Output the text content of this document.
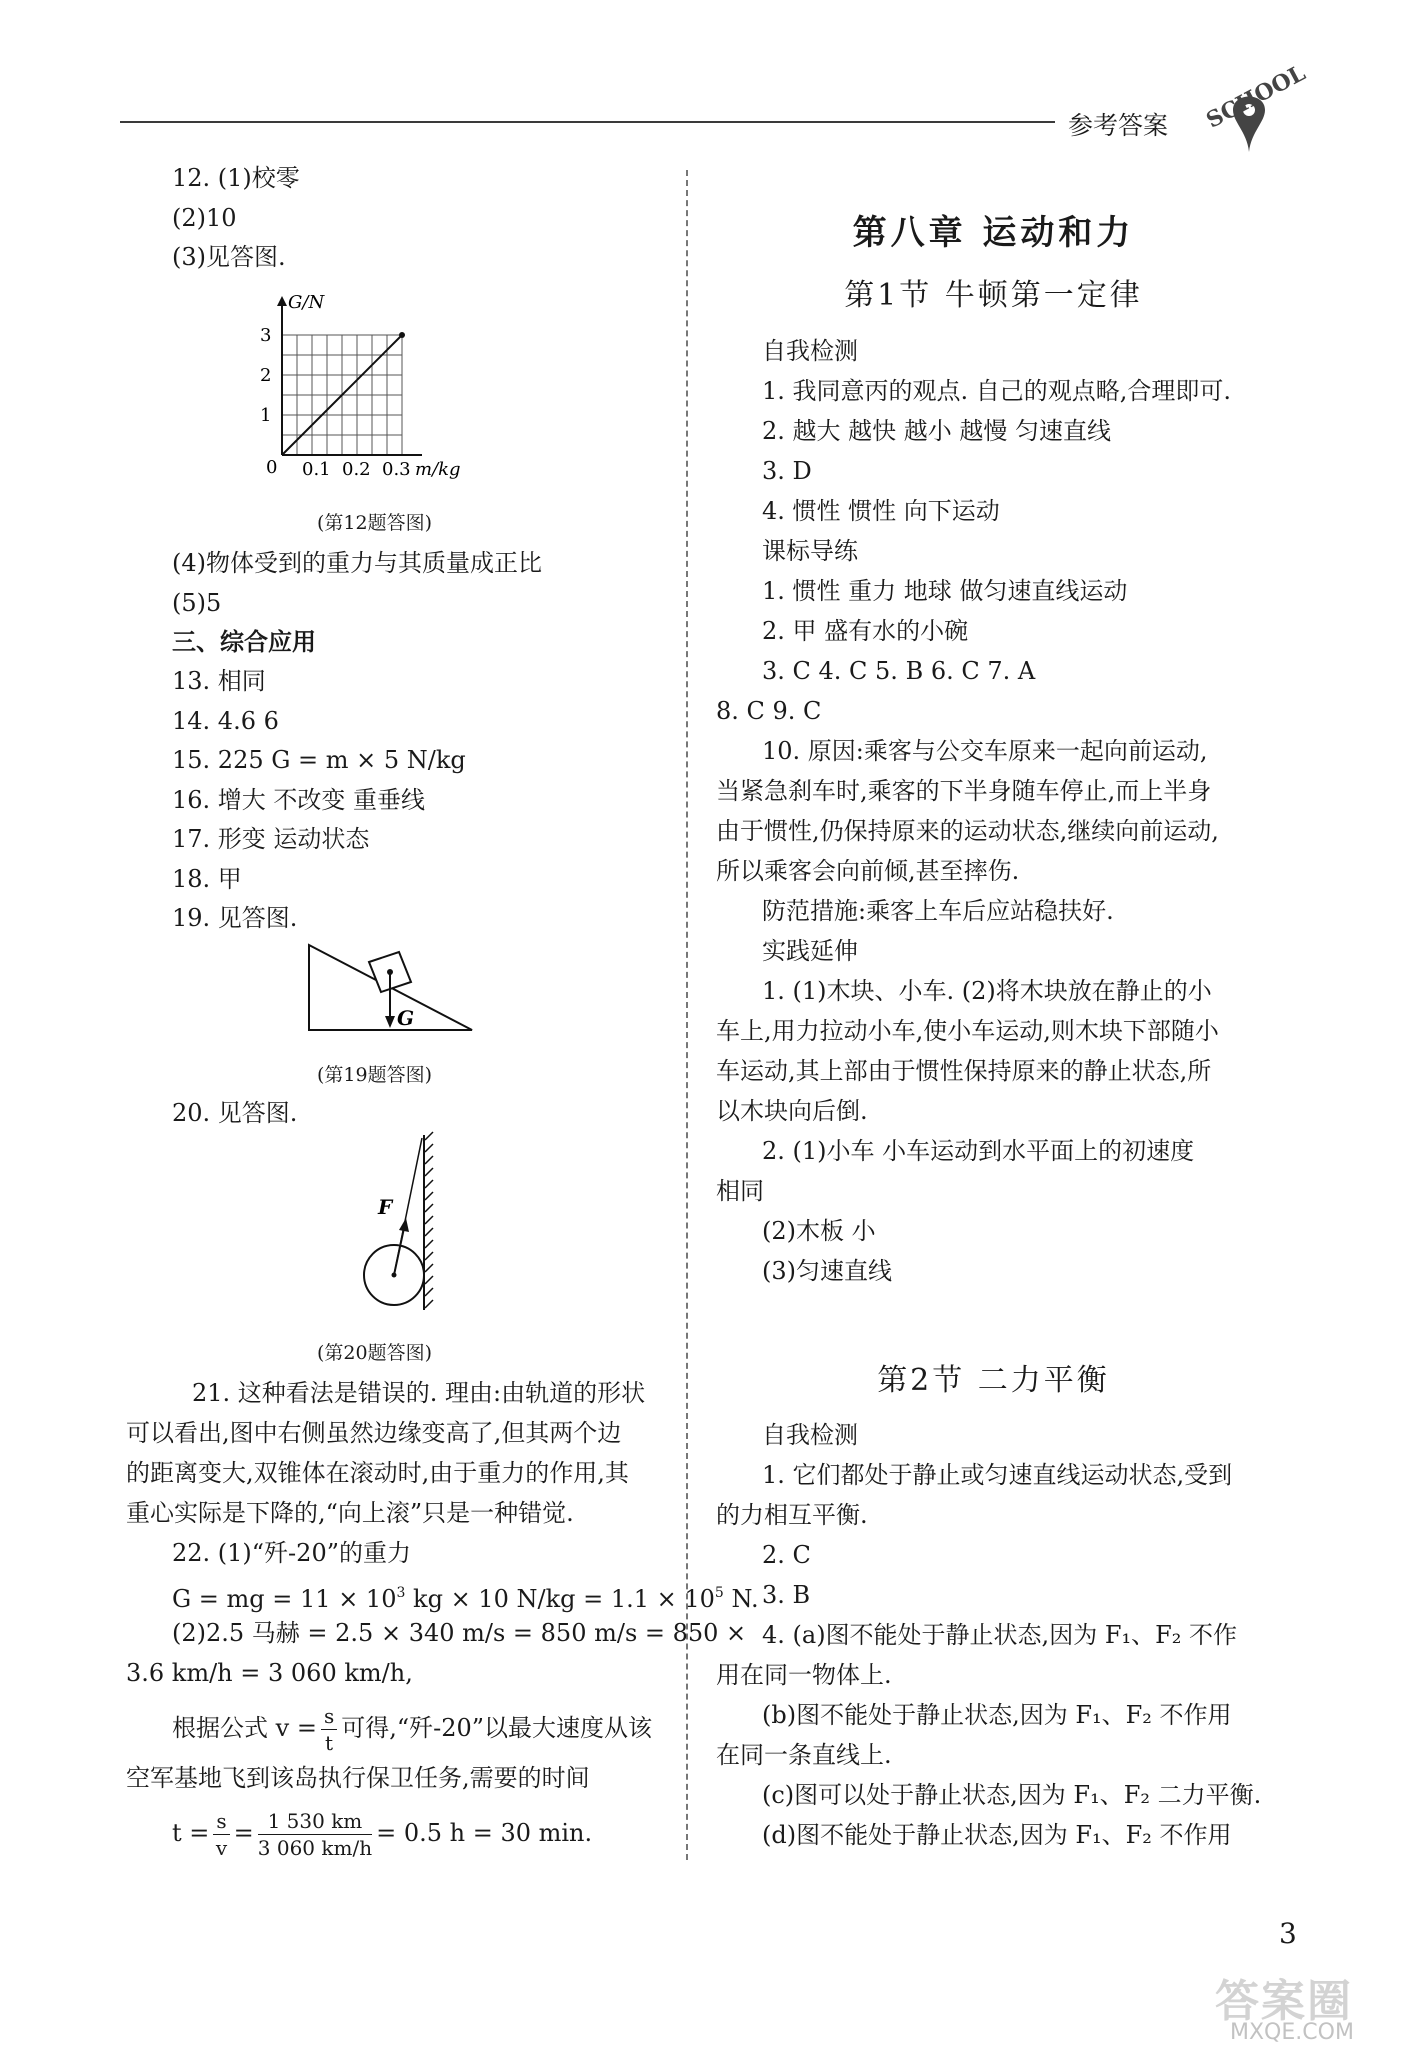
参考答案 SCHOOL
12. (1)校零
(2)10
(3)见答图.
G/N
1
2
3
0 0.1 0.2 0.3 m/kg
(第12题答图)
(4)物体受到的重力与其质量成正比
(5)5
三、综合应用
13. 相同
14. 4.6 6
15. 225 G = m × 5 N/kg
16. 增大 不改变 重垂线
17. 形变 运动状态
18. 甲
19. 见答图.
G
(第19题答图)
20. 见答图.
F
(第20题答图)
21. 这种看法是错误的. 理由:由轨道的形状
可以看出,图中右侧虽然边缘变高了,但其两个边
的距离变大,双锥体在滚动时,由于重力的作用,其
重心实际是下降的,“向上滚”只是一种错觉.
22. (1)“歼-20”的重力
G = mg = $11 \times 10^3$ kg × 10 $N/kg = 1.1 \times 10^5$ N.
(2)2.5 马赫 = 2.5 × 340 m/s = 850 m/s = 850 ×
3.6 km/h = 3 060 km/h,
根据公式 $v = \frac{s}{t}$ 可得,“歼-20”以最大速度从该
空军基地飞到该岛执行保卫任务,需要的时间
$t = \frac{s}{v} = \frac{1 530 km}{3 060 km/h} = 0.5$ h = 30 min.
第八章 运动和力
第1节 牛顿第一定律
自我检测
1. 我同意丙的观点. 自己的观点略,合理即可.
2. 越大 越快 越小 越慢 匀速直线
3. D
4. 惯性 惯性 向下运动
课标导练
1. 惯性 重力 地球 做匀速直线运动
2. 甲 盛有水的小碗
3. C 4. C 5. B 6. C 7. A
8. C 9. C
10. 原因:乘客与公交车原来一起向前运动,
当紧急刹车时,乘客的下半身随车停止,而上半身
由于惯性,仍保持原来的运动状态,继续向前运动,
所以乘客会向前倾,甚至摔伤.
防范措施:乘客上车后应站稳扶好.
实践延伸
1. (1)木块、小车. (2)将木块放在静止的小
车上,用力拉动小车,使小车运动,则木块下部随小
车运动,其上部由于惯性保持原来的静止状态,所
以木块向后倒.
2. (1)小车 小车运动到水平面上的初速度
相同
(2)木板 小
(3)匀速直线
第2节 二力平衡
自我检测
1. 它们都处于静止或匀速直线运动状态,受到
的力相互平衡.
2. C
3. B
4. (a)图不能处于静止状态,因为 F₁、F₂ 不作
用在同一物体上.
(b)图不能处于静止状态,因为 F₁、F₂ 不作用
在同一条直线上.
(c)图可以处于静止状态,因为 F₁、F₂ 二力平衡.
(d)图不能处于静止状态,因为 F₁、F₂ 不作用
3
答案圈
MXQE.COM
